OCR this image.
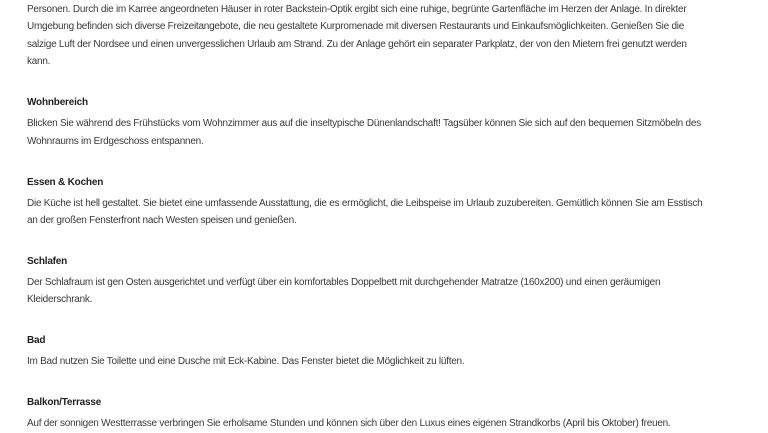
Personen. Durch die im Karree angeordneten Häuser in roter Backstein-Optik ergibt sich eine ruhige, begrünte Gartenfläche im Herzen der Anlage. In direkter
Umgebung befinden sich diverse Freizeitangebote, die neu gestaltete Kurpromenade mit diversen Restaurants und Einkaufsmöglichkeiten. Genießen Sie die
salzige Luft der Nordsee und einen unvergesslichen Urlaub am Strand. Zu der Anlage gehört ein separater Parkplatz, der von den Mietern frei genutzt werden
kann.
Wohnbereich
Blicken Sie während des Frühstücks vom Wohnzimmer aus auf die inseltypische Dünenlandschaft! Tagsüber können Sie sich auf den bequemen Sitzmöbeln des
Wohnraums im Erdgeschoss entspannen.
Essen & Kochen
Die Küche ist hell gestaltet. Sie bietet eine umfassende Ausstattung, die es ermöglicht, die Leibspeise im Urlaub zuzubereiten. Gemütlich können Sie am Esstisch
an der großen Fensterfront nach Westen speisen und genießen.
Schlafen
Der Schlafraum ist gen Osten ausgerichtet und verfügt über ein komfortables Doppelbett mit durchgehender Matratze (160x200) und einen geräumigen
Kleiderschrank.
Bad
Im Bad nutzen Sie Toilette und eine Dusche mit Eck-Kabine. Das Fenster bietet die Möglichkeit zu lüften.
Balkon/Terrasse
Auf der sonnigen Westterrasse verbringen Sie erholsame Stunden und können sich über den Luxus eines eigenen Strandkorbs (April bis Oktober) freuen.
